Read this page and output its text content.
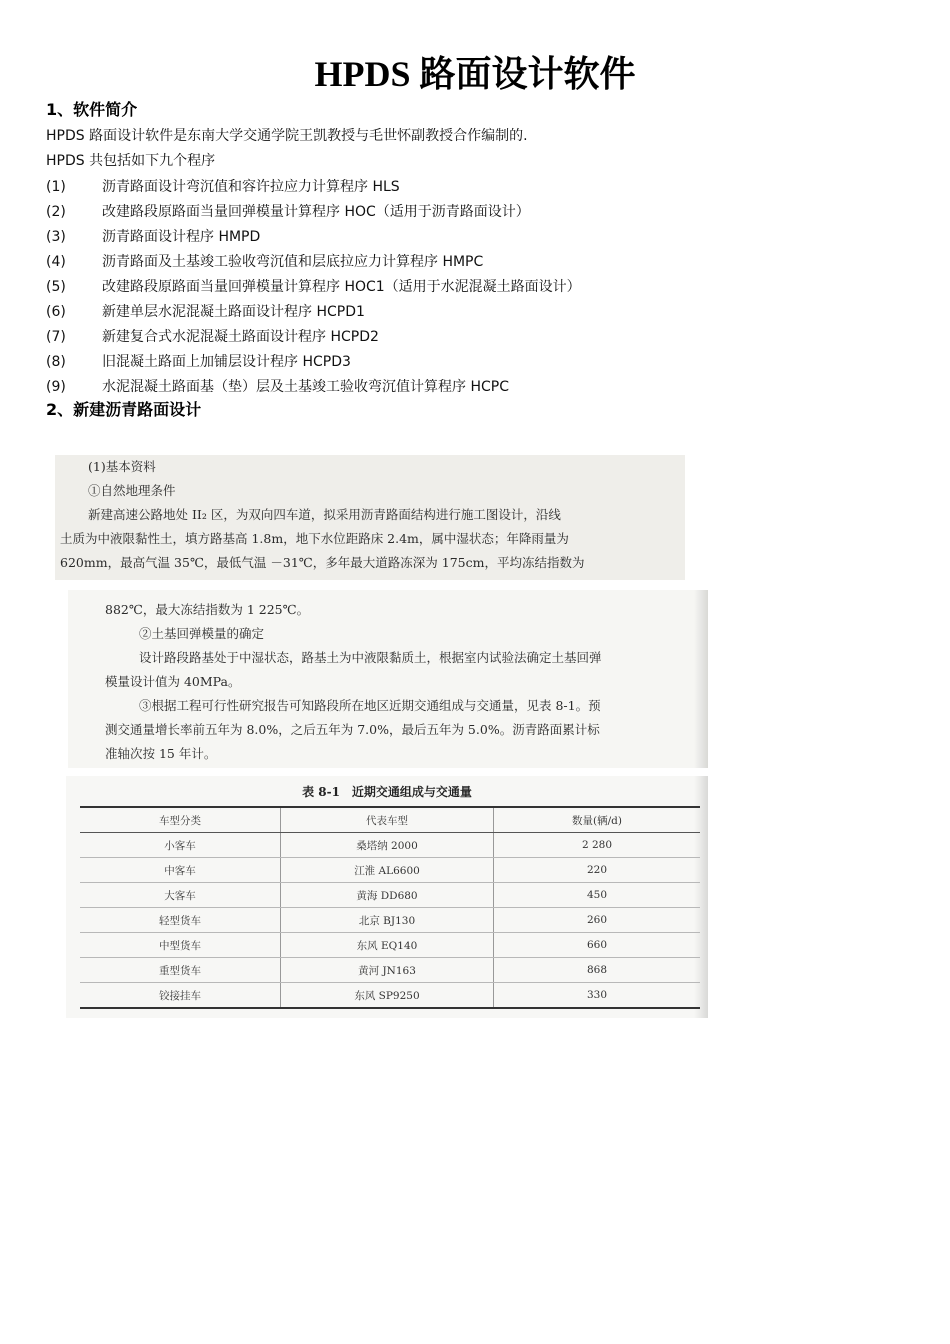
HPDS 路面设计软件
1、软件简介
HPDS 路面设计软件是东南大学交通学院王凯教授与毛世怀副教授合作编制的.
HPDS 共包括如下九个程序
(1)	沥青路面设计弯沉值和容许拉应力计算程序 HLS
(2)	改建路段原路面当量回弹模量计算程序 HOC（适用于沥青路面设计）
(3)	沥青路面设计程序 HMPD
(4)	沥青路面及土基竣工验收弯沉值和层底拉应力计算程序 HMPC
(5)	改建路段原路面当量回弹模量计算程序 HOC1（适用于水泥混凝土路面设计）
(6)	新建单层水泥混凝土路面设计程序 HCPD1
(7)	新建复合式水泥混凝土路面设计程序 HCPD2
(8)	旧混凝土路面上加铺层设计程序 HCPD3
(9)	水泥混凝土路面基（垫）层及土基竣工验收弯沉值计算程序 HCPC
2、新建沥青路面设计

(1)基本资料

①自然地理条件

新建高速公路地处 II₂ 区，为双向四车道，拟采用沥青路面结构进行施工图设计，沿线

土质为中液限黏性土，填方路基高 1.8m，地下水位距路床 2.4m，属中湿状态；年降雨量为

620mm，最高气温 35℃，最低气温 －31℃，多年最大道路冻深为 175cm，平均冻结指数为

882℃，最大冻结指数为 1 225℃。

②土基回弹模量的确定

设计路段路基处于中湿状态，路基土为中液限黏质土，根据室内试验法确定土基回弹

模量设计值为 40MPa。

③根据工程可行性研究报告可知路段所在地区近期交通组成与交通量，见表 8-1。预

测交通量增长率前五年为 8.0%，之后五年为 7.0%，最后五年为 5.0%。沥青路面累计标

准轴次按 15 年计。

表 8-1　近期交通组成与交通量
车型分类	代表车型	数量(辆/d)
小客车	桑塔纳 2000	2 280
中客车	江淮 AL6600	220
大客车	黄海 DD680	450
轻型货车	北京 BJ130	260
中型货车	东风 EQ140	660
重型货车	黄河 JN163	868
铰接挂车	东风 SP9250	330
